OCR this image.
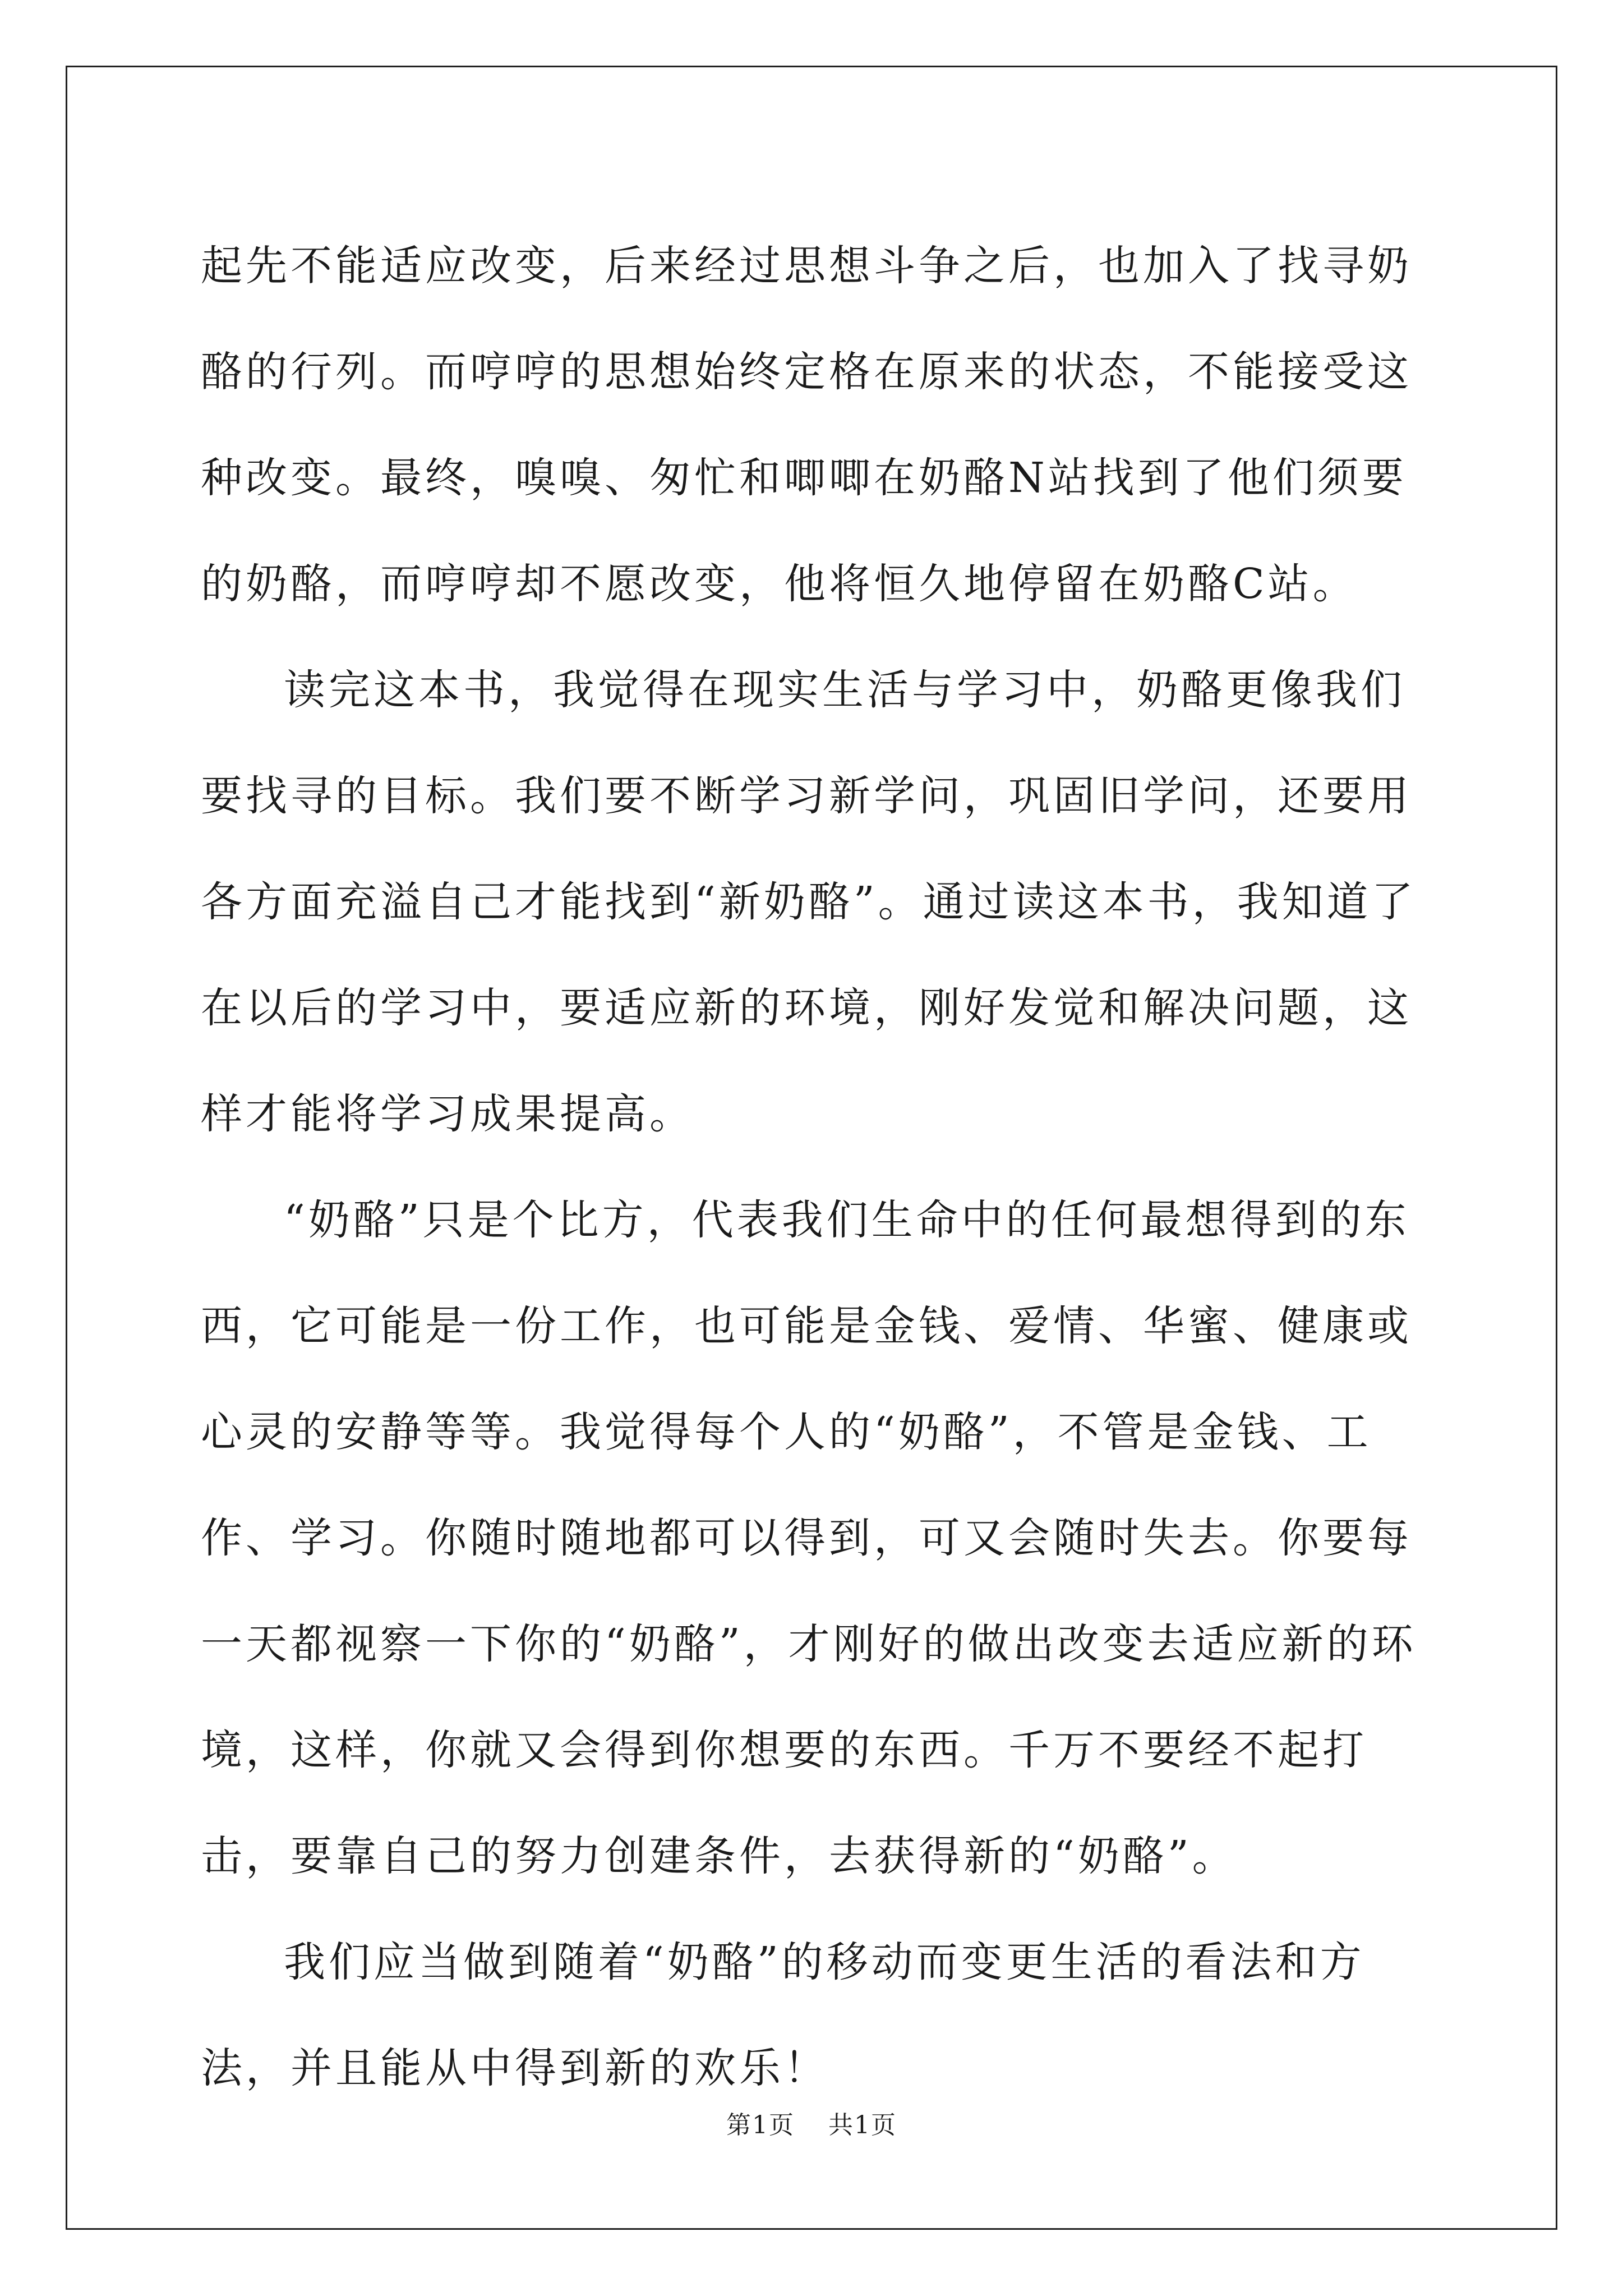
起先不能适应改变，后来经过思想斗争之后，也加入了找寻奶酪的行列。而哼哼的思想始终定格在原来的状态，不能接受这种改变。最终，嗅嗅、匆忙和唧唧在奶酪N站找到了他们须要的奶酪，而哼哼却不愿改变，他将恒久地停留在奶酪C站。

读完这本书，我觉得在现实生活与学习中，奶酪更像我们要找寻的目标。我们要不断学习新学问，巩固旧学问，还要用各方面充溢自己才能找到“新奶酪”。通过读这本书，我知道了在以后的学习中，要适应新的环境，刚好发觉和解决问题，这样才能将学习成果提高。

“奶酪”只是个比方，代表我们生命中的任何最想得到的东西，它可能是一份工作，也可能是金钱、爱情、华蜜、健康或心灵的安静等等。我觉得每个人的“奶酪”，不管是金钱、工作、学习。你随时随地都可以得到，可又会随时失去。你要每一天都视察一下你的“奶酪”，才刚好的做出改变去适应新的环境，这样，你就又会得到你想要的东西。千万不要经不起打击，要靠自己的努力创建条件，去获得新的“奶酪”。

我们应当做到随着“奶酪”的移动而变更生活的看法和方法，并且能从中得到新的欢乐！

第1页 共1页
